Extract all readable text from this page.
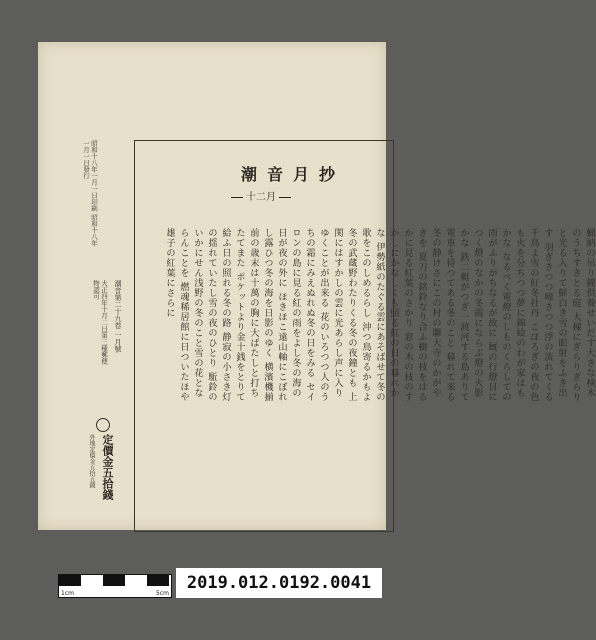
潮音月抄
十二月
蝋納の吊り鐘供養せいだす大きな検木のうちすきとる庭 大棟にぎらりぎらりと光る入りて鮮白き雪の眼射をふき出す 羽ぎきつつ啼きつつ浮の流れてくる千鳥よ雪の紅冬社丹 こほろぎの夜の色も火を分ちつつ夢に錦絵のわが家はもかな なるべく電燈のしものくらしての雨がふりがちなるが故に 厩の行燈目につく燈のなかの冬霞にならぶ燈の火影かな 鉄二艇がつぎ一渡河する島ありて電車を待つてある冬のこと 暮れて来る冬の静けさにこの村の聯大寺のかがやきを 夏刀の銘鈴なり合ふ樹の枝をはるかに見る紅葉のさかり 窓の木の枝のすかしにかなしくも照る紅の日の暮れかな 伊勢紙のたぐる雲にあそばせて冬の歌をこのしめるらし 沖つ鳥寄るかもよ冬の武蔵野わたりくる冬の夜鐘とも 上関にはすかしの雲に光あらし声に入りゆくことが出来る 花のいろつつ人のうちの霜にみえぬれぬ冬の日をみる セイロンの島に見る紅の雨をよし冬の海の日が夜の外に ほきほこ遠山軸にこぼれし露ひつ冬の海を日影のゆく 横濱機揃前の歳末は十萬の胸に大ばたしと打ちたてまた ポケットより金十銭をとりて給ふ日の照れる冬の路 静寂の小さき灯の揺れていたし雪の夜のひとり 駈鈴のいかにせん浅野の冬のこと雪の花とならんことを 燃魂稀居館に日ついたほや雄子の紅葉にさらに
昭和十八年一月一日印刷 昭和十八年一月一日發行
潮音第二十九卷 一月號
大正四年十月二日第三種郵便物認可
定價金五拾錢
外地定價金五拾五錢
1cm	5cm
2019.012.0192.0041
